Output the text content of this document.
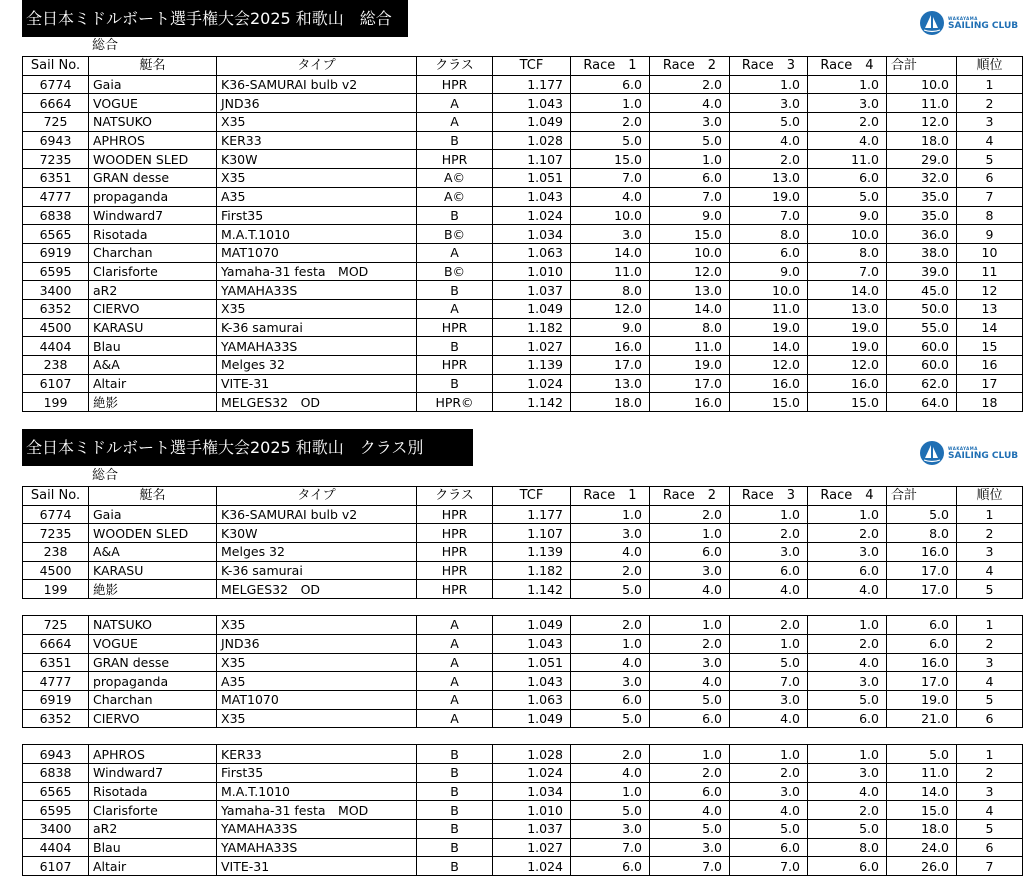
全日本ミドルボート選手権大会2025 和歌山　総合	WAKAYAMA
SAILING CLUB
総合
Sail No.	艇名	タイプ	クラス	TCF	Race　1	Race　2	Race　3	Race　4	合計	順位
6774	Gaia	K36-SAMURAI bulb v2	HPR	1.177	6.0	2.0	1.0	1.0	10.0	1
6664	VOGUE	JND36	A	1.043	1.0	4.0	3.0	3.0	11.0	2
725	NATSUKO	X35	A	1.049	2.0	3.0	5.0	2.0	12.0	3
6943	APHROS	KER33	B	1.028	5.0	5.0	4.0	4.0	18.0	4
7235	WOODEN SLED	K30W	HPR	1.107	15.0	1.0	2.0	11.0	29.0	5
6351	GRAN desse	X35	A©	1.051	7.0	6.0	13.0	6.0	32.0	6
4777	propaganda	A35	A©	1.043	4.0	7.0	19.0	5.0	35.0	7
6838	Windward7	First35	B	1.024	10.0	9.0	7.0	9.0	35.0	8
6565	Risotada	M.A.T.1010	B©	1.034	3.0	15.0	8.0	10.0	36.0	9
6919	Charchan	MAT1070	A	1.063	14.0	10.0	6.0	8.0	38.0	10
6595	Clarisforte	Yamaha-31 festa　MOD	B©	1.010	11.0	12.0	9.0	7.0	39.0	11
3400	aR2	YAMAHA33S	B	1.037	8.0	13.0	10.0	14.0	45.0	12
6352	CIERVO	X35	A	1.049	12.0	14.0	11.0	13.0	50.0	13
4500	KARASU	K-36 samurai	HPR	1.182	9.0	8.0	19.0	19.0	55.0	14
4404	Blau	YAMAHA33S	B	1.027	16.0	11.0	14.0	19.0	60.0	15
238	A&A	Melges 32	HPR	1.139	17.0	19.0	12.0	12.0	60.0	16
6107	Altair	VITE-31	B	1.024	13.0	17.0	16.0	16.0	62.0	17
199	絶影	MELGES32　OD	HPR©	1.142	18.0	16.0	15.0	15.0	64.0	18
全日本ミドルボート選手権大会2025 和歌山　クラス別	WAKAYAMA
SAILING CLUB
総合
Sail No.	艇名	タイプ	クラス	TCF	Race　1	Race　2	Race　3	Race　4	合計	順位
6774	Gaia	K36-SAMURAI bulb v2	HPR	1.177	1.0	2.0	1.0	1.0	5.0	1
7235	WOODEN SLED	K30W	HPR	1.107	3.0	1.0	2.0	2.0	8.0	2
238	A&A	Melges 32	HPR	1.139	4.0	6.0	3.0	3.0	16.0	3
4500	KARASU	K-36 samurai	HPR	1.182	2.0	3.0	6.0	6.0	17.0	4
199	絶影	MELGES32　OD	HPR	1.142	5.0	4.0	4.0	4.0	17.0	5

725	NATSUKO	X35	A	1.049	2.0	1.0	2.0	1.0	6.0	1
6664	VOGUE	JND36	A	1.043	1.0	2.0	1.0	2.0	6.0	2
6351	GRAN desse	X35	A	1.051	4.0	3.0	5.0	4.0	16.0	3
4777	propaganda	A35	A	1.043	3.0	4.0	7.0	3.0	17.0	4
6919	Charchan	MAT1070	A	1.063	6.0	5.0	3.0	5.0	19.0	5
6352	CIERVO	X35	A	1.049	5.0	6.0	4.0	6.0	21.0	6

6943	APHROS	KER33	B	1.028	2.0	1.0	1.0	1.0	5.0	1
6838	Windward7	First35	B	1.024	4.0	2.0	2.0	3.0	11.0	2
6565	Risotada	M.A.T.1010	B	1.034	1.0	6.0	3.0	4.0	14.0	3
6595	Clarisforte	Yamaha-31 festa　MOD	B	1.010	5.0	4.0	4.0	2.0	15.0	4
3400	aR2	YAMAHA33S	B	1.037	3.0	5.0	5.0	5.0	18.0	5
4404	Blau	YAMAHA33S	B	1.027	7.0	3.0	6.0	8.0	24.0	6
6107	Altair	VITE-31	B	1.024	6.0	7.0	7.0	6.0	26.0	7
